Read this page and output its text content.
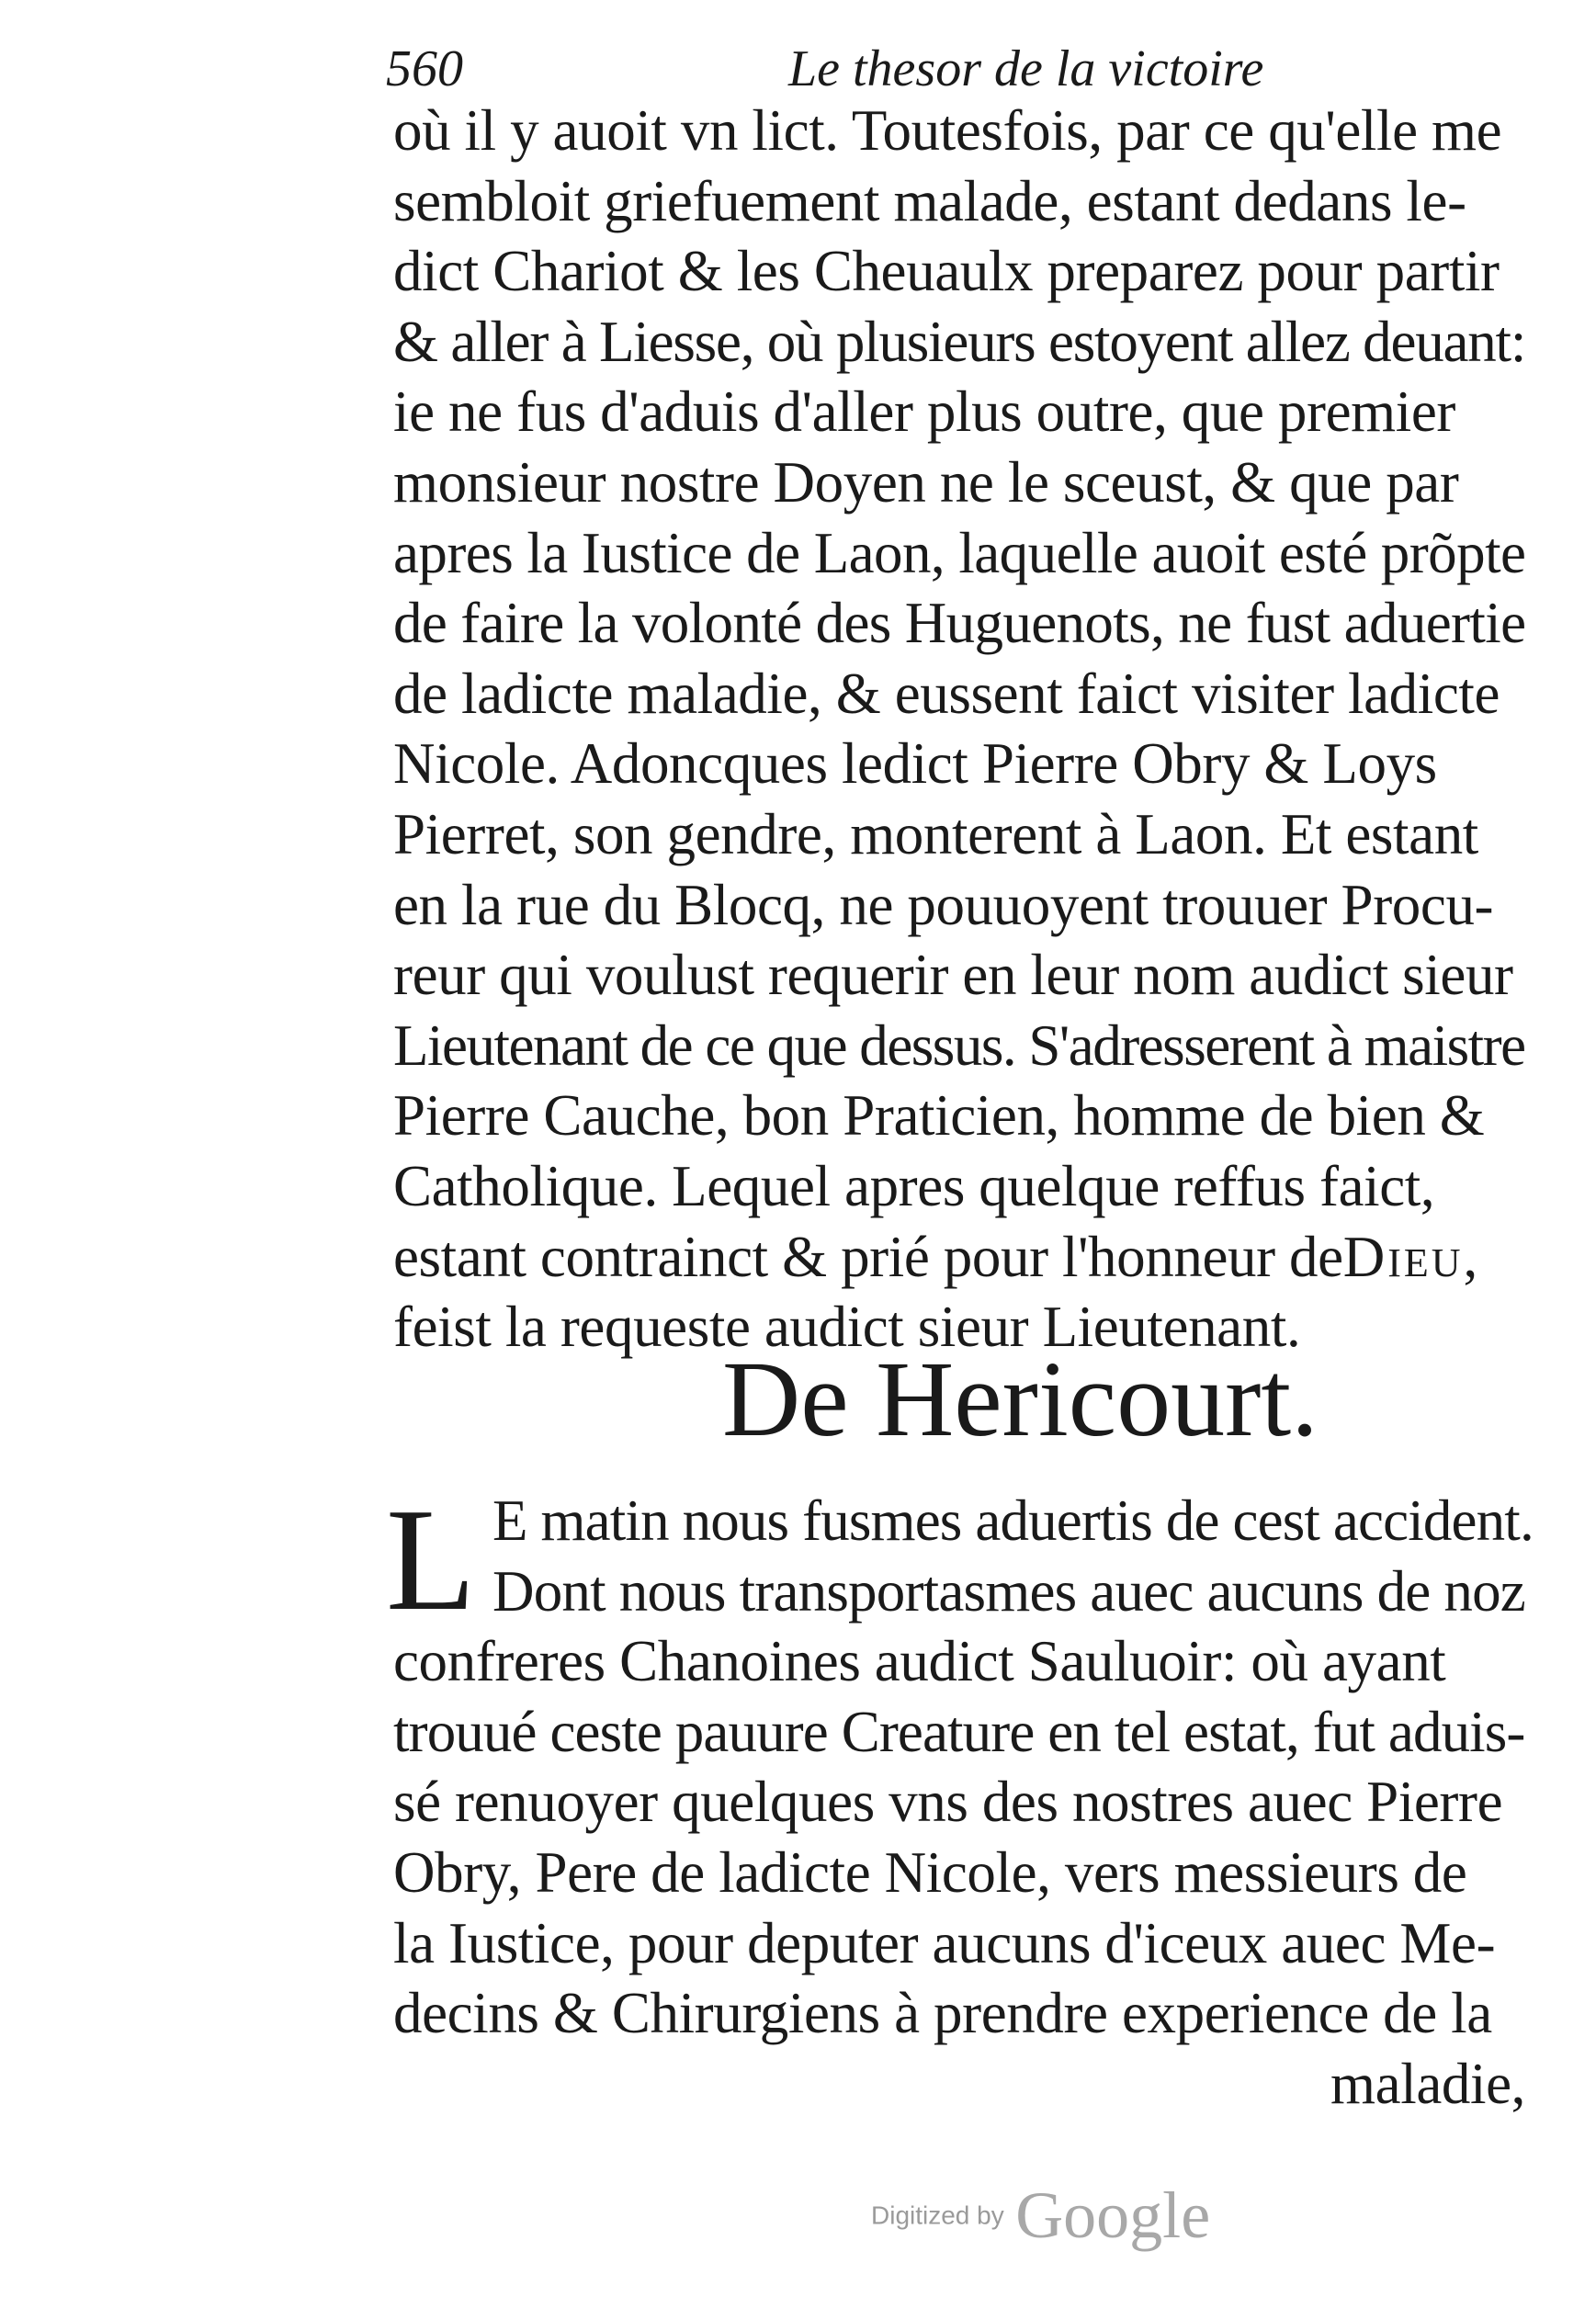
560	Le thesor de la victoire
où il y auoit vn lict. Toutesfois, par ce qu'elle me
sembloit griefuement malade, estant dedans le-
dict Chariot & les Cheuaulx preparez pour partir
& aller à Liesse, où plusieurs estoyent allez deuant:
ie ne fus d'aduis d'aller plus outre, que premier
monsieur nostre Doyen ne le sceust, & que par
apres la Iustice de Laon, laquelle auoit esté prõpte
de faire la volonté des Huguenots, ne fust aduertie
de ladicte maladie, & eussent faict visiter ladicte
Nicole. Adoncques ledict Pierre Obry & Loys
Pierret, son gendre, monterent à Laon. Et estant
en la rue du Blocq, ne pouuoyent trouuer Procu-
reur qui voulust requerir en leur nom audict sieur
Lieutenant de ce que dessus. S'adresserent à maistre
Pierre Cauche, bon Praticien, homme de bien &
Catholique. Lequel apres quelque reffus faict,
estant contrainct & prié pour l'honneur deDieu,
feist la requeste audict sieur Lieutenant.
De Hericourt.
L E matin nous fusmes aduertis de cest accident.
Dont nous transportasmes auec aucuns de noz
confreres Chanoines audict Sauluoir: où ayant
trouué ceste pauure Creature en tel estat, fut aduis-
sé renuoyer quelques vns des nostres auec Pierre
Obry, Pere de ladicte Nicole, vers messieurs de
la Iustice, pour deputer aucuns d'iceux auec Me-
decins & Chirurgiens à prendre experience de la
maladie,
Digitized by Google
